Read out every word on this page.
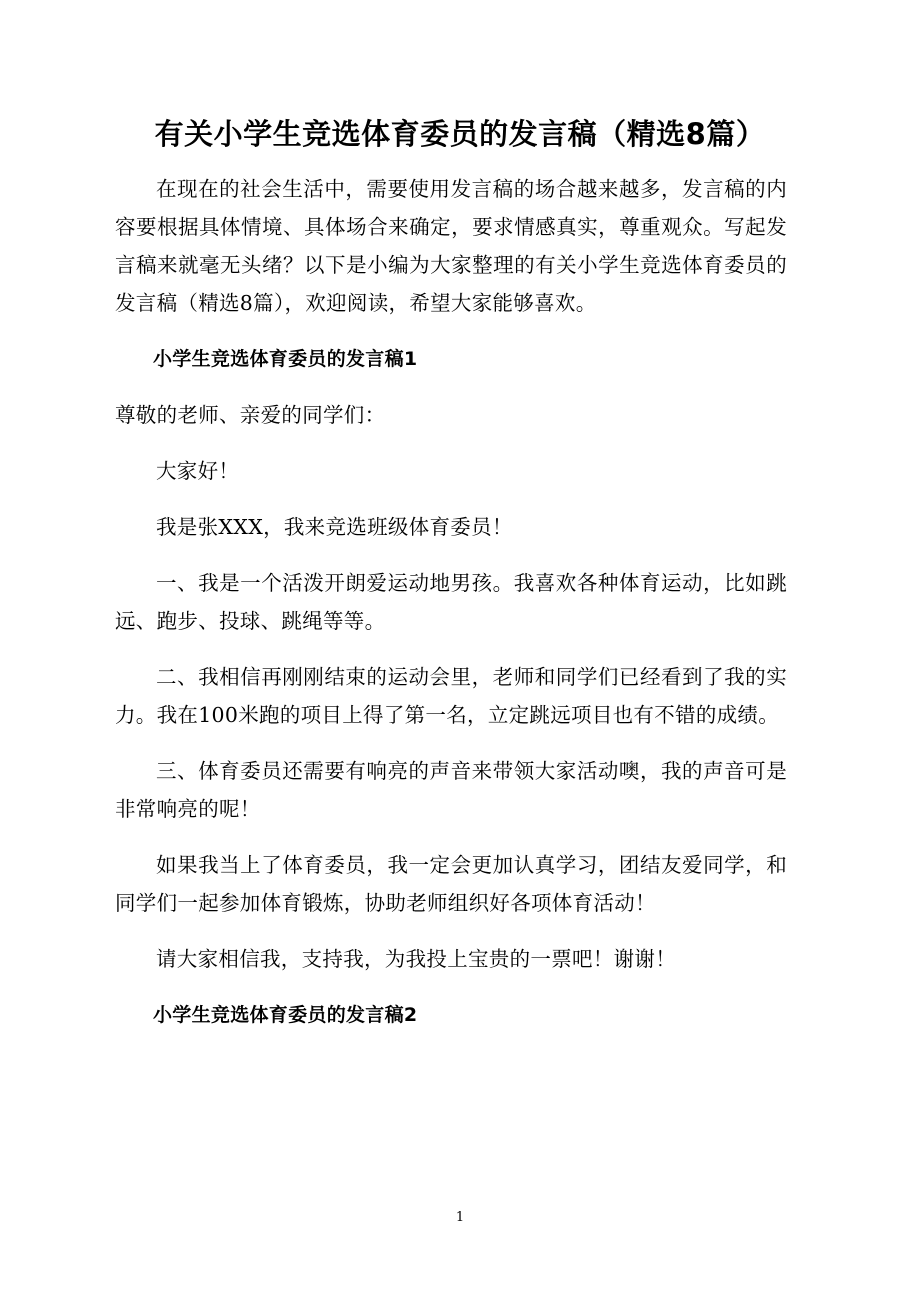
有关小学生竞选体育委员的发言稿（精选8篇）

在现在的社会生活中，需要使用发言稿的场合越来越多，发言稿的内容要根据具体情境、具体场合来确定，要求情感真实，尊重观众。写起发言稿来就毫无头绪？以下是小编为大家整理的有关小学生竞选体育委员的发言稿（精选8篇），欢迎阅读，希望大家能够喜欢。

小学生竞选体育委员的发言稿1

尊敬的老师、亲爱的同学们：

大家好！

我是张XXX，我来竞选班级体育委员！

一、我是一个活泼开朗爱运动地男孩。我喜欢各种体育运动，比如跳远、跑步、投球、跳绳等等。

二、我相信再刚刚结束的运动会里，老师和同学们已经看到了我的实力。我在100米跑的项目上得了第一名，立定跳远项目也有不错的成绩。

三、体育委员还需要有响亮的声音来带领大家活动噢，我的声音可是非常响亮的呢！

如果我当上了体育委员，我一定会更加认真学习，团结友爱同学，和同学们一起参加体育锻炼，协助老师组织好各项体育活动！

请大家相信我，支持我，为我投上宝贵的一票吧！谢谢！

小学生竞选体育委员的发言稿2

1
